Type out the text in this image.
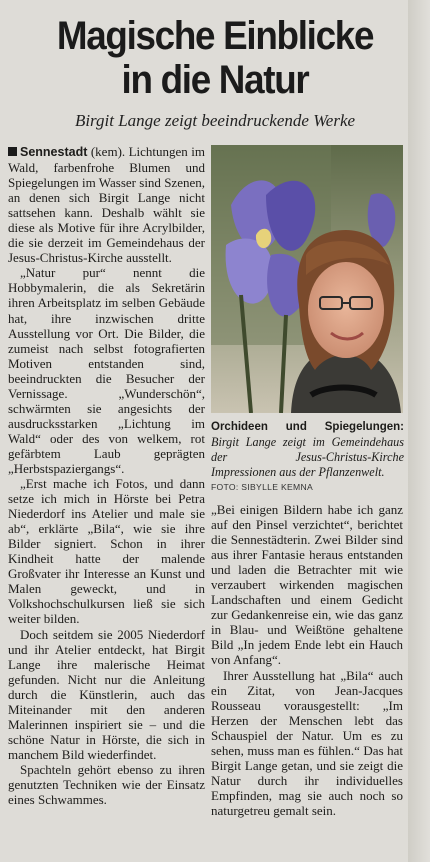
Magische Einblicke
in die Natur
Birgit Lange zeigt beeindruckende Werke

Sennestadt (kem). Lichtungen im Wald, farbenfrohe Blumen und Spiegelungen im Wasser sind Szenen, an denen sich Birgit Lange nicht sattsehen kann. Deshalb wählt sie diese als Motive für ihre Acrylbilder, die sie derzeit im Gemeindehaus der Jesus-Christus-Kirche ausstellt.

„Natur pur“ nennt die Hobbymalerin, die als Sekretärin ihren Arbeitsplatz im selben Gebäude hat, ihre inzwischen dritte Ausstellung vor Ort. Die Bilder, die zumeist nach selbst fotografierten Motiven entstanden sind, beeindruckten die Besucher der Vernissage. „Wunderschön“, schwärmten sie angesichts der ausdrucksstarken „Lichtung im Wald“ oder des von welkem, rot gefärbtem Laub geprägten „Herbstspaziergangs“.

„Erst mache ich Fotos, und dann setze ich mich in Hörste bei Petra Niederdorf ins Atelier und male sie ab“, erklärte „Bila“, wie sie ihre Bilder signiert. Schon in ihrer Kindheit hatte der malende Großvater ihr Interesse an Kunst und Malen geweckt, und in Volkshochschulkursen ließ sie sich weiter bilden.

Doch seitdem sie 2005 Niederdorf und ihr Atelier entdeckt, hat Birgit Lange ihre malerische Heimat gefunden. Nicht nur die Anleitung durch die Künstlerin, auch das Miteinander mit den anderen Malerinnen inspiriert sie – und die schöne Natur in Hörste, die sich in manchem Bild wiederfindet.

Spachteln gehört ebenso zu ihren genutzten Techniken wie der Einsatz eines Schwammes.

Orchideen und Spiegelungen: Birgit Lange zeigt im Gemeindehaus der Jesus-Christus-Kirche Impressionen aus der Pflanzenwelt.
FOTO: SIBYLLE KEMNA

„Bei einigen Bildern habe ich ganz auf den Pinsel verzichtet“, berichtet die Sennestädterin. Zwei Bilder sind aus ihrer Fantasie heraus entstanden und laden die Betrachter mit wie verzaubert wirkenden magischen Landschaften und einem Gedicht zur Gedankenreise ein, wie das ganz in Blau- und Weißtöne gehaltene Bild „In jedem Ende lebt ein Hauch von Anfang“.

Ihrer Ausstellung hat „Bila“ auch ein Zitat, von Jean-Jacques Rousseau vorausgestellt: „Im Herzen der Menschen lebt das Schauspiel der Natur. Um es zu sehen, muss man es fühlen.“ Das hat Birgit Lange getan, und sie zeigt die Natur durch ihr individuelles Empfinden, mag sie auch noch so naturgetreu gemalt sein.
